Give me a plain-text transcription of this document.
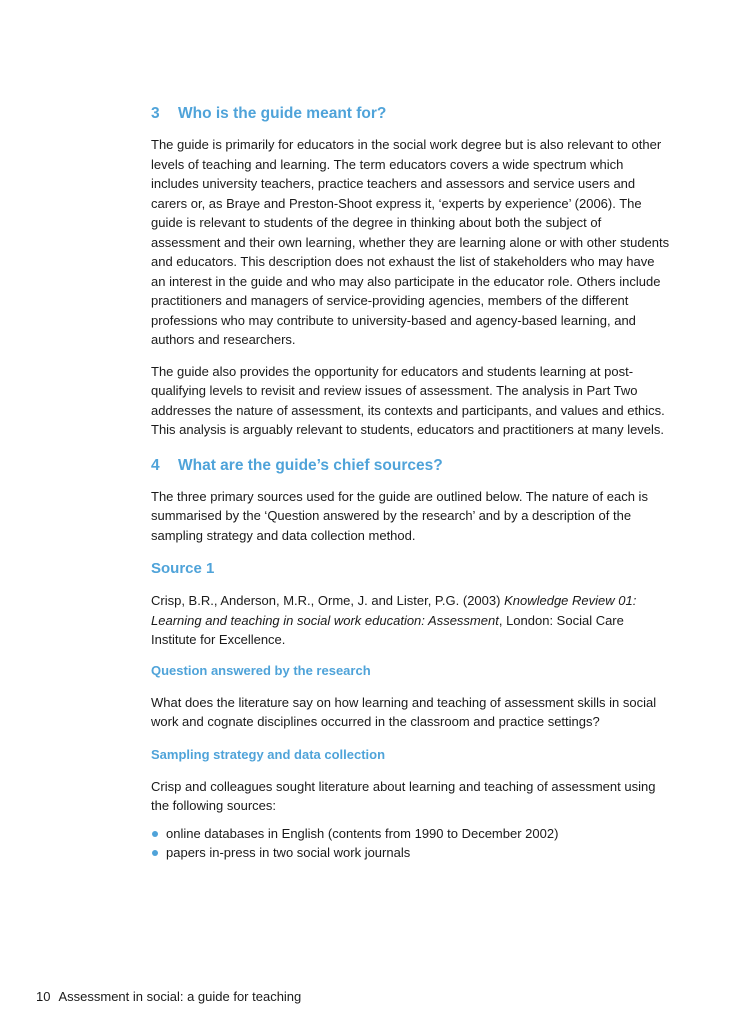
3 Who is the guide meant for?

The guide is primarily for educators in the social work degree but is also relevant to other levels of teaching and learning. The term educators covers a wide spectrum which includes university teachers, practice teachers and assessors and service users and carers or, as Braye and Preston-Shoot express it, ‘experts by experience’ (2006). The guide is relevant to students of the degree in thinking about both the subject of assessment and their own learning, whether they are learning alone or with other students and educators. This description does not exhaust the list of stakeholders who may have an interest in the guide and who may also participate in the educator role. Others include practitioners and managers of service-providing agencies, members of the different professions who may contribute to university-based and agency-based learning, and authors and researchers.

The guide also provides the opportunity for educators and students learning at post-qualifying levels to revisit and review issues of assessment. The analysis in Part Two addresses the nature of assessment, its contexts and participants, and values and ethics. This analysis is arguably relevant to students, educators and practitioners at many levels.

4 What are the guide’s chief sources?

The three primary sources used for the guide are outlined below. The nature of each is summarised by the ‘Question answered by the research’ and by a description of the sampling strategy and data collection method.

Source 1

Crisp, B.R., Anderson, M.R., Orme, J. and Lister, P.G. (2003) Knowledge Review 01: Learning and teaching in social work education: Assessment, London: Social Care Institute for Excellence.

Question answered by the research

What does the literature say on how learning and teaching of assessment skills in social work and cognate disciplines occurred in the classroom and practice settings?

Sampling strategy and data collection

Crisp and colleagues sought literature about learning and teaching of assessment using the following sources:

online databases in English (contents from 1990 to December 2002)
papers in-press in two social work journals
10 Assessment in social: a guide for teaching
